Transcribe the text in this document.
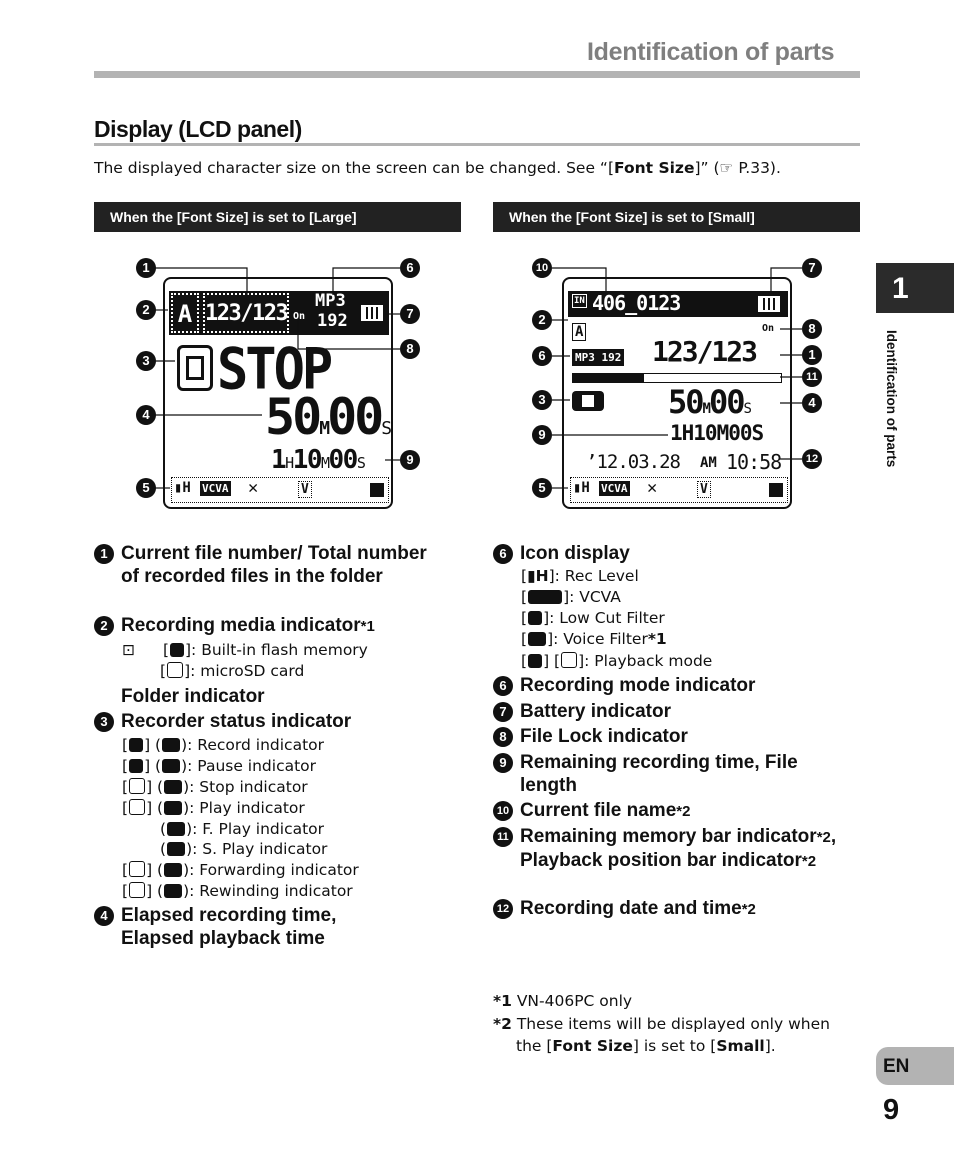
Identification of parts
Display (LCD panel)
The displayed character size on the screen can be changed. See “[Font Size]” (☞ P.33).
When the [Font Size] is set to [Large]	When the [Font Size] is set to [Small]
1
Identification of parts
EN
9
A 123/123 On
MP3
192
STOP
50M00S
1H10M00S
▮H VCVA ✕	V
1
2
3
4
5
6
7
8
9
IN 406_0123
A	On
MP3 192 123/123
50M00S
1H10M00S
’12.03.28 AM 10:58
▮H VCVA ✕	V
10
2
6
3
9
5
7
8
1
11
4
12
1 Current file number/ Total number of recorded files in the folder
2 Recording media indicator*1
⊡ [ ]: Built-in flash memory
[ ]: microSD card
Folder indicator
3 Recorder status indicator
[ ] ( ): Record indicator
[ ] ( ): Pause indicator
[ ] ( ): Stop indicator
[ ] ( ): Play indicator
( ): F. Play indicator
( ): S. Play indicator
[ ] ( ): Forwarding indicator
[ ] ( ): Rewinding indicator
4 Elapsed recording time, Elapsed playback time
6 Icon display
[▮H]: Rec Level
[ ]: VCVA
[ ]: Low Cut Filter
[ ]: Voice Filter*1
[ ] [ ]: Playback mode
6 Recording mode indicator
7 Battery indicator
8 File Lock indicator
9 Remaining recording time, File length
10 Current file name*2
11 Remaining memory bar indicator*2, Playback position bar indicator*2
12 Recording date and time*2
*1 VN-406PC only
*2 These items will be displayed only when
the [Font Size] is set to [Small].
